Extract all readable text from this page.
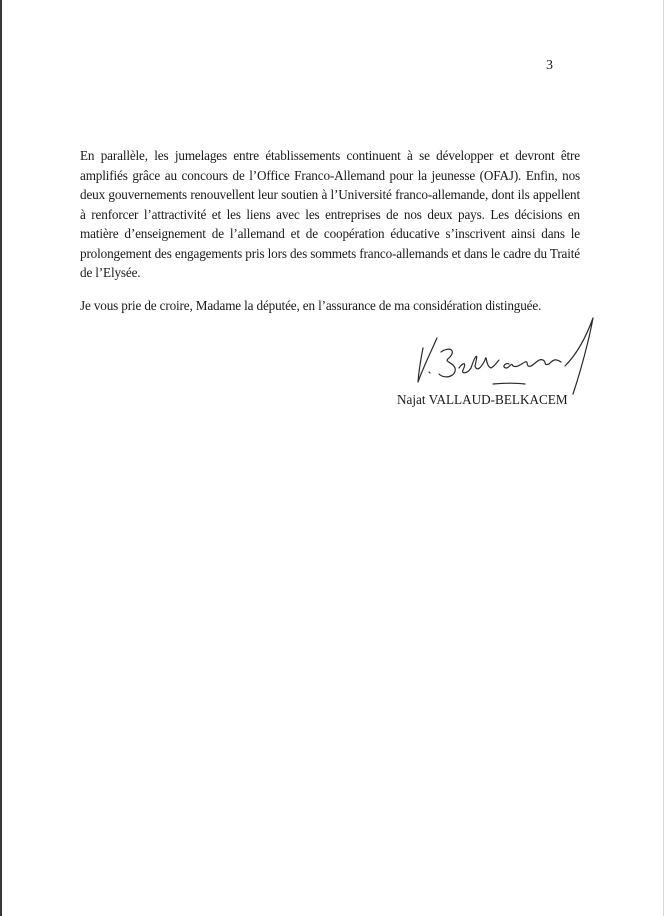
3
En parallèle, les jumelages entre établissements continuent à se développer et devront être amplifiés grâce au concours de l’Office Franco-Allemand pour la jeunesse (OFAJ). Enfin, nos deux gouvernements renouvellent leur soutien à l’Université franco-allemande, dont ils appellent à renforcer l’attractivité et les liens avec les entreprises de nos deux pays. Les décisions en matière d’enseignement de l’allemand et de coopération éducative s’inscrivent ainsi dans le prolongement des engagements pris lors des sommets franco-allemands et dans le cadre du Traité de l’Elysée.
Je vous prie de croire, Madame la députée, en l’assurance de ma considération distinguée.
Najat VALLAUD-BELKACEM
